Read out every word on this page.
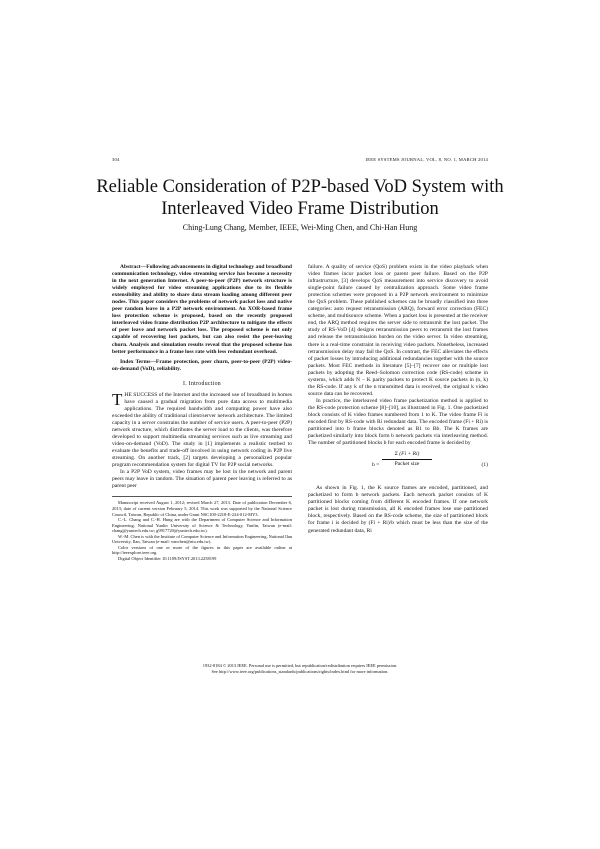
304	IEEE SYSTEMS JOURNAL, VOL. 8, NO. 1, MARCH 2014
Reliable Consideration of P2P-based VoD System with Interleaved Video Frame Distribution
Ching-Lung Chang, Member, IEEE, Wei-Ming Chen, and Chi-Han Hung

Abstract—Following advancements in digital technology and broadband communication technology, video streaming service has become a necessity in the next generation Internet. A peer-to-peer (P2P) network structure is widely employed for video streaming applications due to its flexible extensibility and ability to share data stream loading among different peer nodes. This paper considers the problems of network packet loss and native peer random leave in a P2P network environment. An XOR-based frame loss protection scheme is proposed, based on the recently proposed interleaved video frame distribution P2P architecture to mitigate the effects of peer leave and network packet loss. The proposed scheme is not only capable of recovering lost packets, but can also resist the peer-leaving churn. Analysis and simulation results reveal that the proposed scheme has better performance in a frame loss rate with less redundant overhead.

Index Terms—Frame protection, peer churn, peer-to-peer (P2P) video-on-demand (VoD), reliability.

I. Introduction

THE SUCCESS of the Internet and the increased use of broadband in homes have caused a gradual migration from pure data access to multimedia applications. The required bandwidth and computing power have also exceeded the ability of traditional client/server network architecture. The limited capacity in a server constrains the number of service users. A peer-to-peer (P2P) network structure, which distributes the server load to the clients, was therefore developed to support multimedia streaming services such as live streaming and video-on-demand (VoD). The study in [1] implements a realistic testbed to evaluate the benefits and trade-off involved in using network coding in P2P live streaming. On another track, [2] targets developing a personalized popular program recommendation system for digital TV for P2P social networks.

In a P2P VoD system, video frames may be lost in the network and parent peers may leave in random. The situation of parent peer leaving is referred to as parent peer

Manuscript received August 1, 2012; revised March 27, 2013. Date of publication December 6, 2013; date of current version February 5, 2014. This work was supported by the National Science Council, Taiwan, Republic of China, under Grant NSC100-2218-E-224-012-MY3.

C.-L. Chang and C.-H. Hung are with the Department of Computer Science and Information Engineering, National Yunlin University of Science & Technology, Yunlin, Taiwan (e-mail: chang@yuntech.edu.tw; g9917720@yuntech.edu.tw).

W.-M. Chen is with the Institute of Computer Science and Information Engineering, National Ilan University, Ilan, Taiwan (e-mail: wmchen@niu.edu.tw).

Color versions of one or more of the figures in this paper are available online at http://ieeexplore.ieee.org.

Digital Object Identifier 10.1109/JSYST.2013.2258199

failure. A quality of service (QoS) problem exists in the video playback when video frames incur packet loss or parent peer failure. Based on the P2P infrastructure, [3] develops QoS measurement into service discovery to avoid single-point failure caused by centralization approach. Some video frame protection schemes were proposed in a P2P network environment to minimize the QoS problem. These published schemes can be broadly classified into three categories: auto request retransmission (ARQ), forward error correction (FEC) scheme, and multisource scheme. When a packet loss is presented at the receiver end, the ARQ method requires the server side to retransmit the lost packet. The study of RS-VoD [4] designs retransmission peers to retransmit the lost frames and release the retransmission burden on the video server. In video streaming, there is a real-time constraint in receiving video packets. Nonetheless, increased retransmission delay may fail the QoS. In contrast, the FEC alleviates the effects of packet losses by introducing additional redundancies together with the source packets. Most FEC methods in literature [5]–[7] recover one or multiple lost packets by adopting the Reed–Solomon correction code (RS-code) scheme in systems, which adds N − K parity packets to protect K source packets in (n, k) the RS-code. If any k of the n transmitted data is received, the original k video source data can be recovered.

In practice, the interleaved video frame packetization method is applied to the RS-code protection scheme [8]–[10], as illustrated in Fig. 1. One packetized block consists of K video frames numbered from 1 to K. The video frame Fi is encoded first by RS-code with Ri redundant data. The encoded frame (Fi + Ri) is partitioned into b frame blocks denoted as B1 to Bb. The K frames are packetized similarly into block form b network packets via interleaving method. The number of partitioned blocks b for each encoded frame is decided by

b =
Σ (Fi + Ri)
Packet size	(1)

As shown in Fig. 1, the K source frames are encoded, partitioned, and packetized to form b network packets. Each network packet consists of K partitioned blocks coming from different K encoded frames. If one network packet is lost during transmission, all K encoded frames lose one partitioned block, respectively. Based on the RS-code scheme, the size of partitioned block for frame i is decided by (Fi + Ri)/b which must be less than the size of the generated redundant data, Ri

1932-8184 © 2013 IEEE. Personal use is permitted, but republication/redistribution requires IEEE permission.
See http://www.ieee.org/publications_standards/publications/rights/index.html for more information.
